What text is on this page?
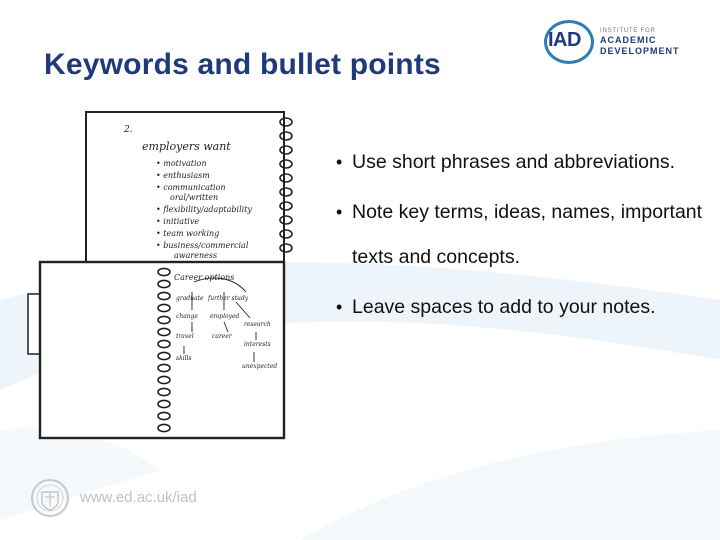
Keywords and bullet points
IAD	INSTITUTE FOR
ACADEMIC
DEVELOPMENT
2.
employers want
• motivation
• enthusiasm
• communication
oral/written
• flexibility/adaptability
• initiative
• team working
• business/commercial
awareness
Career options
graduate further study
change employed
travel	career
research
interests
skills
unexpected
• Use short phrases and abbreviations.
• Note key terms, ideas, names, important texts and concepts.
• Leave spaces to add to your notes.
www.ed.ac.uk/iad
